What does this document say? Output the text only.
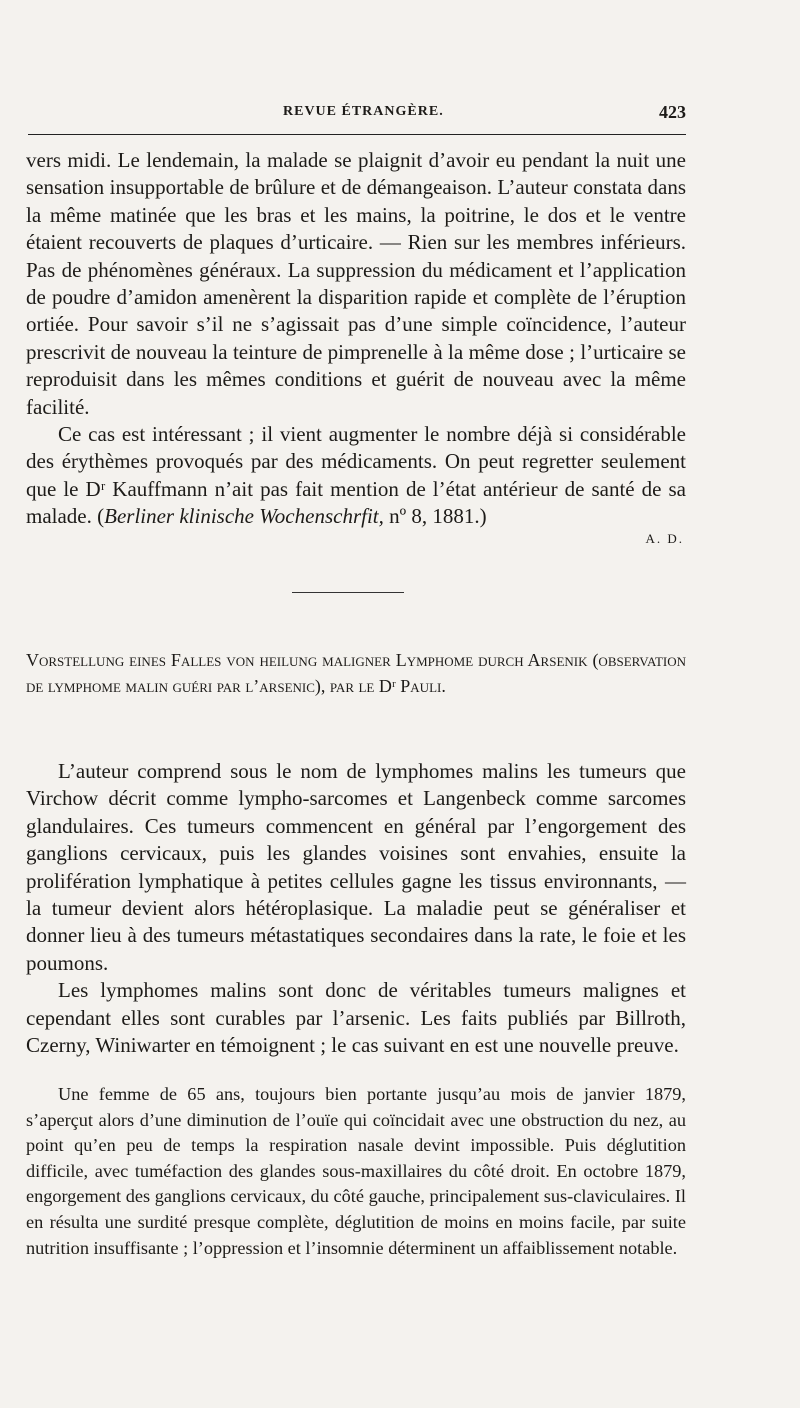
REVUE ÉTRANGÈRE.	423

vers midi. Le lendemain, la malade se plaignit d’avoir eu pendant la nuit une sensation insupportable de brûlure et de démangeaison. L’auteur constata dans la même matinée que les bras et les mains, la poitrine, le dos et le ventre étaient recouverts de plaques d’urticaire. — Rien sur les membres inférieurs. Pas de phénomènes généraux. La suppression du médicament et l’application de poudre d’amidon amenèrent la disparition rapide et complète de l’éruption ortiée. Pour savoir s’il ne s’agissait pas d’une simple coïncidence, l’auteur prescrivit de nouveau la teinture de pimprenelle à la même dose ; l’urticaire se reproduisit dans les mêmes conditions et guérit de nouveau avec la même facilité.

Ce cas est intéressant ; il vient augmenter le nombre déjà si considérable des érythèmes provoqués par des médicaments. On peut regretter seulement que le Dʳ Kauffmann n’ait pas fait mention de l’état antérieur de santé de sa malade. (Berliner klinische Wochenschrfit, nº 8, 1881.)

A. D.
Vorstellung eines Falles von heilung maligner Lymphome durch Arsenik (observation de lymphome malin guéri par l’arsenic), par le Dʳ Pauli.

L’auteur comprend sous le nom de lymphomes malins les tumeurs que Virchow décrit comme lympho-sarcomes et Langenbeck comme sarcomes glandulaires. Ces tumeurs commencent en général par l’engorgement des ganglions cervicaux, puis les glandes voisines sont envahies, ensuite la prolifération lymphatique à petites cellules gagne les tissus environnants, — la tumeur devient alors hétéroplasique. La maladie peut se généraliser et donner lieu à des tumeurs métastatiques secondaires dans la rate, le foie et les poumons.

Les lymphomes malins sont donc de véritables tumeurs malignes et cependant elles sont curables par l’arsenic. Les faits publiés par Billroth, Czerny, Winiwarter en témoignent ; le cas suivant en est une nouvelle preuve.

Une femme de 65 ans, toujours bien portante jusqu’au mois de janvier 1879, s’aperçut alors d’une diminution de l’ouïe qui coïncidait avec une obstruction du nez, au point qu’en peu de temps la respiration nasale devint impossible. Puis déglutition difficile, avec tuméfaction des glandes sous-maxillaires du côté droit. En octobre 1879, engorgement des ganglions cervicaux, du côté gauche, principalement sus-claviculaires. Il en résulta une surdité presque complète, déglutition de moins en moins facile, par suite nutrition insuffisante ; l’oppression et l’insomnie déterminent un affaiblissement notable.
